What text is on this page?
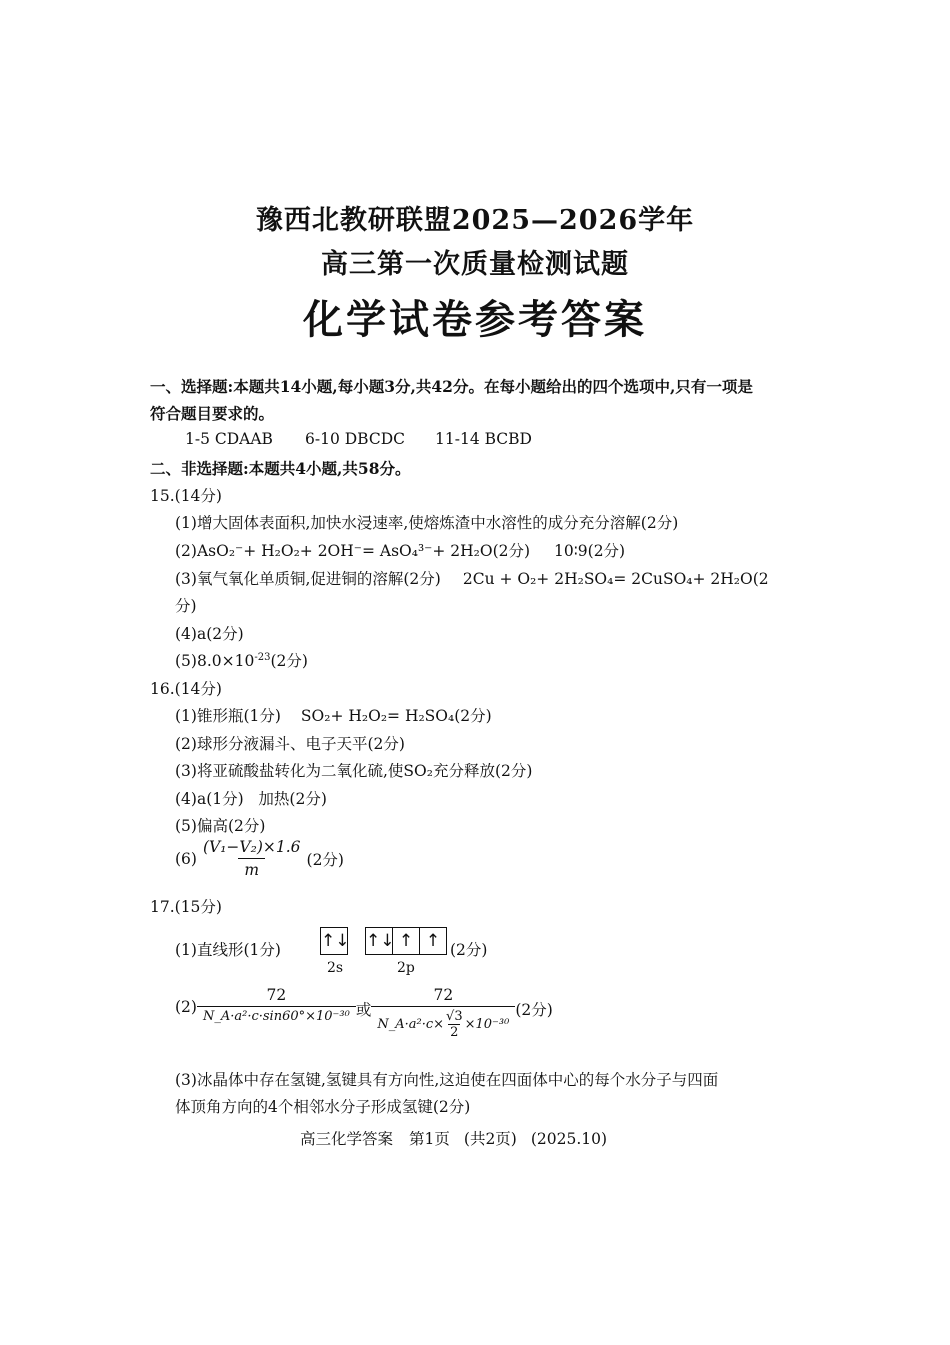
豫西北教研联盟2025—2026学年
高三第一次质量检测试题
化学试卷参考答案
一、选择题:本题共14小题,每小题3分,共42分。在每小题给出的四个选项中,只有一项是
符合题目要求的。
1-5 CDAAB 6-10 DBCDC 11-14 BCBD
二、非选择题:本题共4小题,共58分。
15.(14分)
(1)增大固体表面积,加快水浸速率,使熔炼渣中水溶性的成分充分溶解(2分)
(2)AsO₂⁻+ H₂O₂+ 2OH⁻= AsO₄³⁻+ 2H₂O(2分) 10∶9(2分)
(3)氧气氧化单质铜,促进铜的溶解(2分) 2Cu + O₂+ 2H₂SO₄= 2CuSO₄+ 2H₂O(2
分)
(4)a(2分)
$(5)8.0\times 10^{-23}(2$分)
16.(14分)
(1)锥形瓶(1分) SO₂+ H₂O₂= H₂SO₄(2分)
(2)球形分液漏斗、电子天平(2分)
(3)将亚硫酸盐转化为二氧化硫,使SO₂充分释放(2分)
(4)a(1分)   加热(2分)
(5)偏高(2分)
$(6) \frac{\text{(V₁−V₂)×1.6}}{m} (2$分)
17.(15分)
(1)直线形(1分) ↑↓ ↑↓ ↑ ↑
2s	2p
(2分)
$(2) \frac{72}{\text{N\_A·a²·c·sin60°×10⁻³⁰}}$ 或 $\frac{72}{N\_A\cdot a^2\cdot c\times \frac{√3}{2} \times 10^{-30}} (2$分)
(3)冰晶体中存在氢键,氢键具有方向性,这迫使在四面体中心的每个水分子与四面
体顶角方向的4个相邻水分子形成氢键(2分)
高三化学答案 第1页 (共2页) (2025.10)
